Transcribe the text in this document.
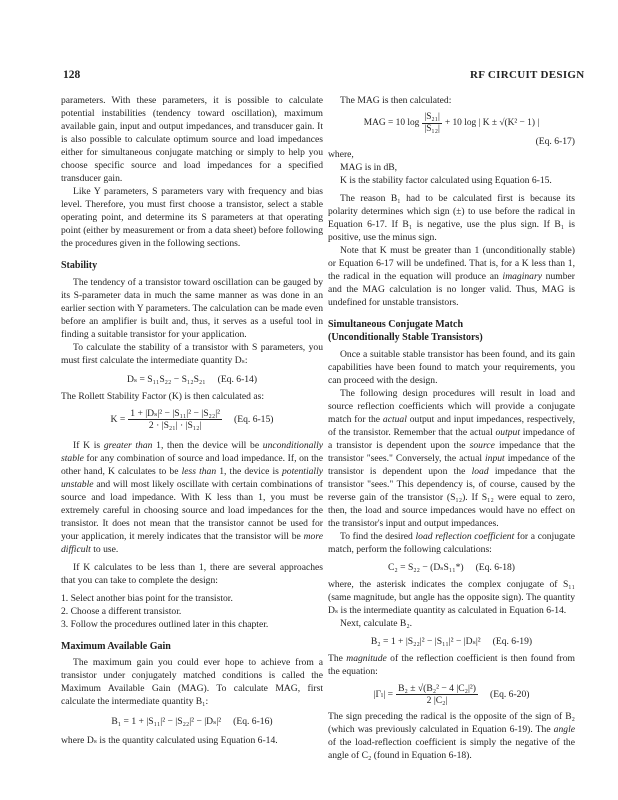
128	RF CIRCUIT DESIGN

parameters. With these parameters, it is possible to calculate potential instabilities (tendency toward oscillation), maximum available gain, input and output impedances, and transducer gain. It is also possible to calculate optimum source and load impedances either for simultaneous conjugate matching or simply to help you choose specific source and load impedances for a specified transducer gain.

Like Y parameters, S parameters vary with frequency and bias level. Therefore, you must first choose a transistor, select a stable operating point, and determine its S parameters at that operating point (either by measurement or from a data sheet) before following the procedures given in the following sections.

Stability

The tendency of a transistor toward oscillation can be gauged by its S-parameter data in much the same manner as was done in an earlier section with Y parameters. The calculation can be made even before an amplifier is built and, thus, it serves as a useful tool in finding a suitable transistor for your application.

To calculate the stability of a transistor with S parameters, you must first calculate the intermediate quantity Dₛ:

Dₛ = S₁₁S₂₂ − S₁₂S₂₁ (Eq. 6-14)

The Rollett Stability Factor (K) is then calculated as:

$K = \frac{\text{1 + |Dₛ|² − |S₁₁|² − |S₂₂|²}}{\text{2 · |S₂₁| · |S₁₂|}} (Eq$. 6-15)

If K is greater than 1, then the device will be unconditionally stable for any combination of source and load impedance. If, on the other hand, K calculates to be less than 1, the device is potentially unstable and will most likely oscillate with certain combinations of source and load impedance. With K less than 1, you must be extremely careful in choosing source and load impedances for the transistor. It does not mean that the transistor cannot be used for your application, it merely indicates that the transistor will be more difficult to use.

If K calculates to be less than 1, there are several approaches that you can take to complete the design:

1. Select another bias point for the transistor.
2. Choose a different transistor.
3. Follow the procedures outlined later in this chapter.
Maximum Available Gain

The maximum gain you could ever hope to achieve from a transistor under conjugately matched conditions is called the Maximum Available Gain (MAG). To calculate MAG, first calculate the intermediate quantity B₁:

B₁ = 1 + |S₁₁|² − |S₂₂|² − |Dₛ|² (Eq. 6-16)

where Dₛ is the quantity calculated using Equation 6-14.

The MAG is then calculated:

MAG = 10 $\log \frac{\text{|S₂₁|}}{\text{|S₁₂|}} + 10$ log | K ± √(K² − 1) |
(Eq. 6-17)

where,

MAG is in dB,

K is the stability factor calculated using Equation 6-15.

The reason B₁ had to be calculated first is because its polarity determines which sign (±) to use before the radical in Equation 6-17. If B₁ is negative, use the plus sign. If B₁ is positive, use the minus sign.

Note that K must be greater than 1 (unconditionally stable) or Equation 6-17 will be undefined. That is, for a K less than 1, the radical in the equation will produce an imaginary number and the MAG calculation is no longer valid. Thus, MAG is undefined for unstable transistors.

Simultaneous Conjugate Match
(Unconditionally Stable Transistors)

Once a suitable stable transistor has been found, and its gain capabilities have been found to match your requirements, you can proceed with the design.

The following design procedures will result in load and source reflection coefficients which will provide a conjugate match for the actual output and input impedances, respectively, of the transistor. Remember that the actual output impedance of a transistor is dependent upon the source impedance that the transistor "sees." Conversely, the actual input impedance of the transistor is dependent upon the load impedance that the transistor "sees." This dependency is, of course, caused by the reverse gain of the transistor (S₁₂). If S₁₂ were equal to zero, then, the load and source impedances would have no effect on the transistor's input and output impedances.

To find the desired load reflection coefficient for a conjugate match, perform the following calculations:

C₂ = S₂₂ − (DₛS₁₁*) (Eq. 6-18)

where, the asterisk indicates the complex conjugate of S₁₁ (same magnitude, but angle has the opposite sign). The quantity Dₛ is the intermediate quantity as calculated in Equation 6-14.

Next, calculate B₂.

B₂ = 1 + |S₂₂|² − |S₁₁|² − |Dₛ|² (Eq. 6-19)

The magnitude of the reflection coefficient is then found from the equation:

$|\Gamma_l| = \frac{\text{B₂ ± √(B₂² − 4 |C₂|²)}}{\text{2 |C₂|}} (Eq$. 6-20)

The sign preceding the radical is the opposite of the sign of B₂ (which was previously calculated in Equation 6-19). The angle of the load-reflection coefficient is simply the negative of the angle of C₂ (found in Equation 6-18).
